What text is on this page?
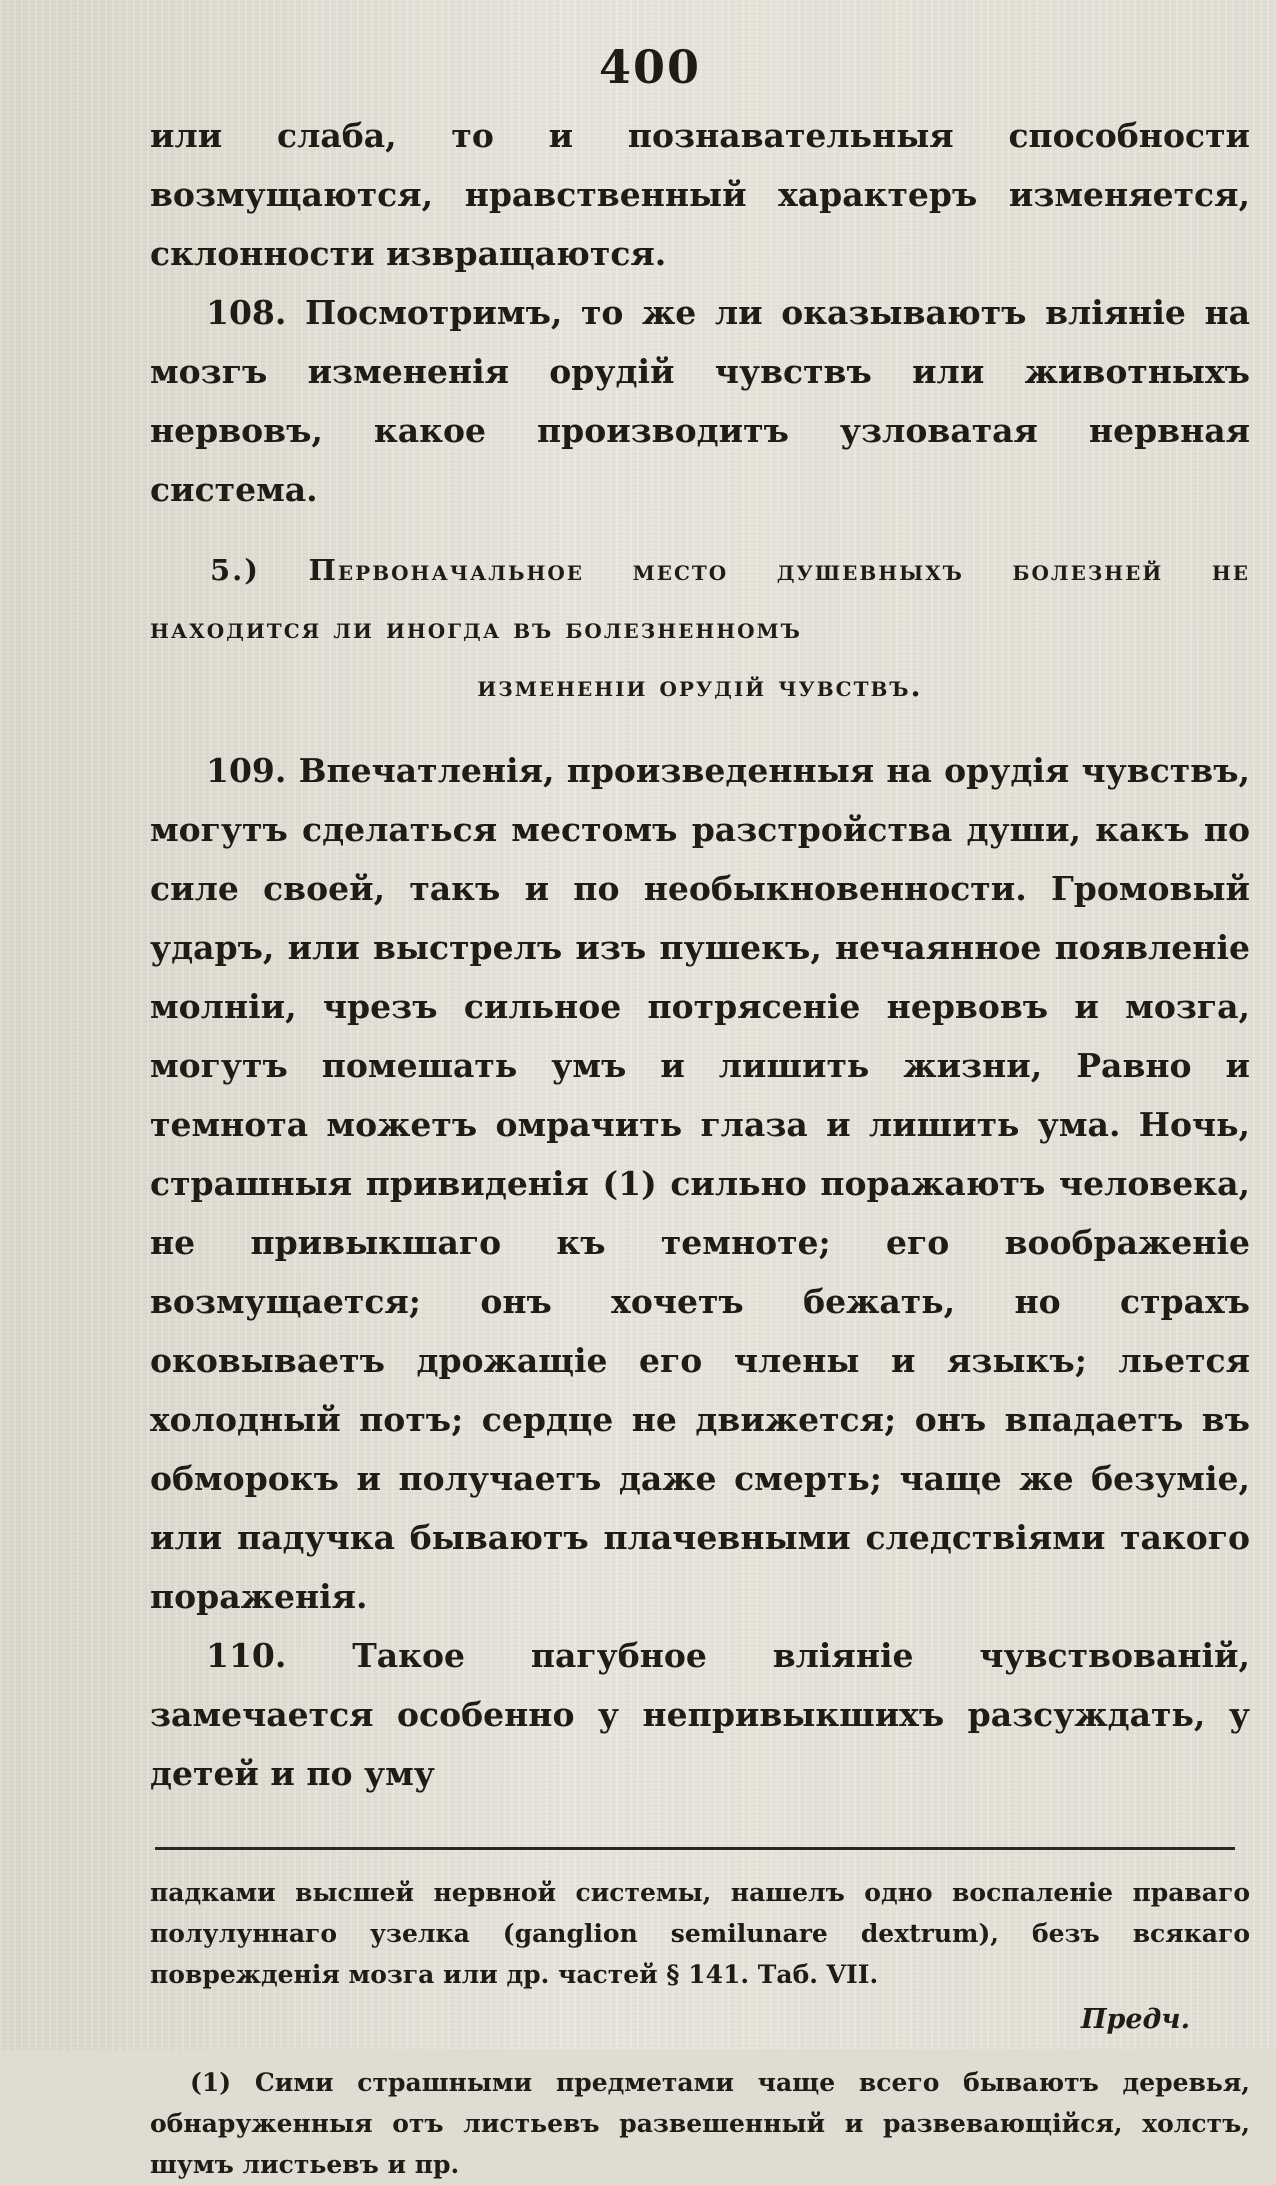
400

или слаба, то и познавательныя способности возмущаются, нравственный характеръ изменяется, склонности извращаются.

108. Посмотримъ, то же ли оказываютъ вліяніе на мозгъ измененія орудій чувствъ или животныхъ нервовъ, какое производитъ узловатая нервная система.

5.) Первоначальное место душевныхъ болезней не находится ли иногда въ болезненномъ
измененіи орудій чувствъ.

109. Впечатленія, произведенныя на орудія чувствъ, могутъ сделаться местомъ разстройства души, какъ по силе своей, такъ и по необыкновенности. Громовый ударъ, или выстрелъ изъ пушекъ, нечаянное появленіе молніи, чрезъ сильное потрясеніе нервовъ и мозга, могутъ помешать умъ и лишить жизни, Равно и темнота можетъ омрачить глаза и лишить ума. Ночь, страшныя привиденія (1) сильно поражаютъ человека, не привыкшаго къ темноте; его воображеніе возмущается; онъ хочетъ бежать, но страхъ оковываетъ дрожащіе его члены и языкъ; льется холодный потъ; сердце не движется; онъ впадаетъ въ обморокъ и получаетъ даже смерть; чаще же безуміе, или падучка бываютъ плачевными следствіями такого пораженія.

110. Такое пагубное вліяніе чувствованій, замечается особенно у непривыкшихъ разсуждать, у детей и по уму

падками высшей нервной системы, нашелъ одно воспаленіе праваго полулуннаго узелка (ganglion semilunare dextrum), безъ всякаго поврежденія мозга или др. частей § 141. Таб. VII.

Предч.

(1) Сими страшными предметами чаще всего бываютъ деревья, обнаруженныя отъ листьевъ развешенный и развевающійся, холстъ, шумъ листьевъ и пр.
